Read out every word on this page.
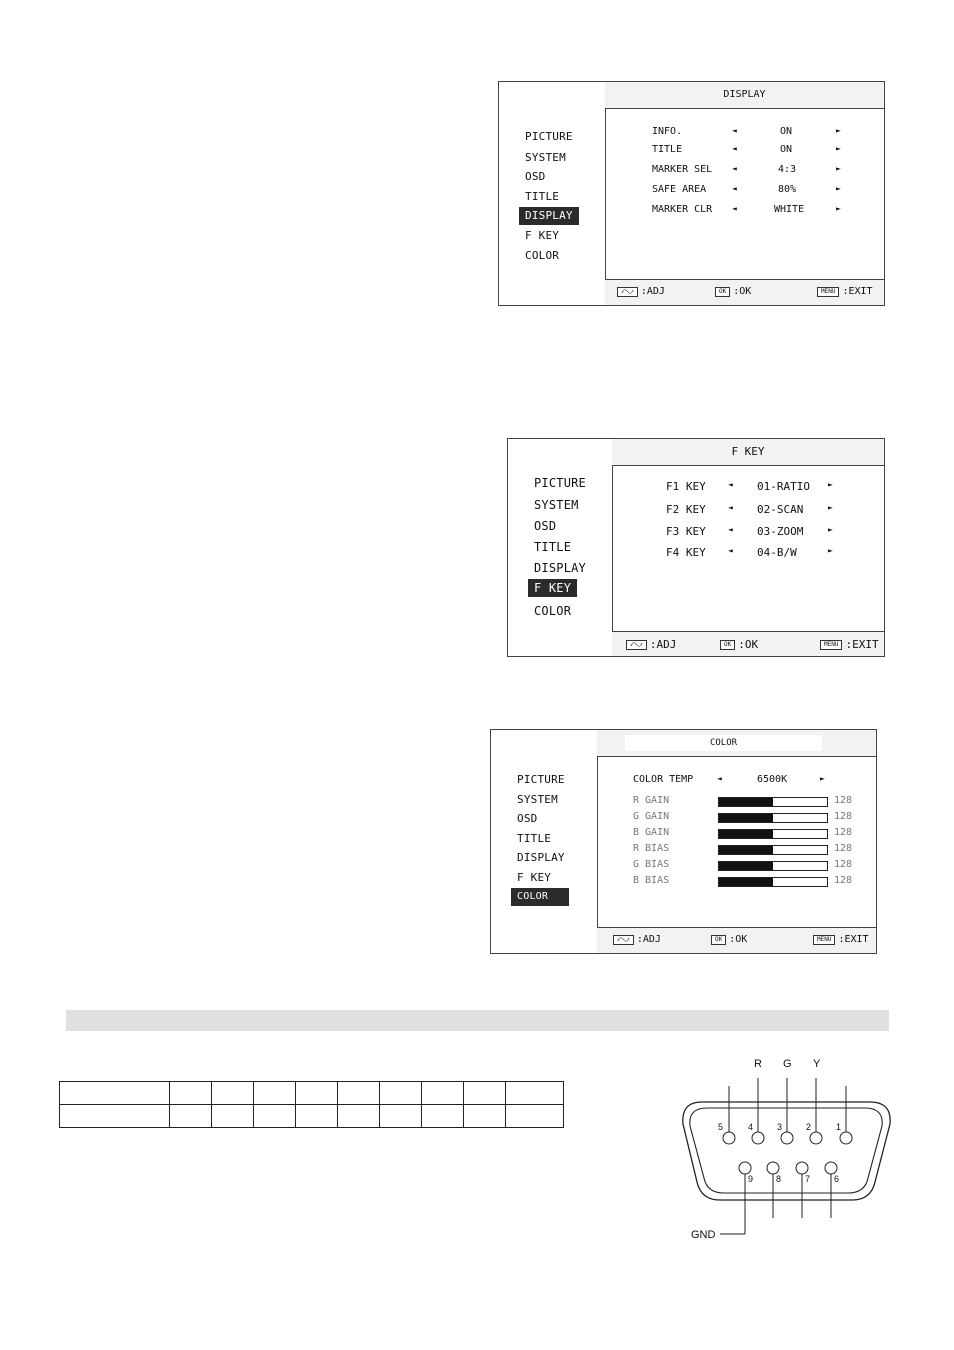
PICTURE
SYSTEM
OSD
TITLE
DISPLAY
F KEY
COLOR
DISPLAY
INFO.	◄	ON	►
TITLE	◄	ON	►
MARKER SEL ◄	4:3	►
SAFE AREA	◄	80%	►
MARKER CLR ◄	WHITE	►
⤺⤻ :ADJ	OK :OK	MENU :EXIT
PICTURE
SYSTEM
OSD
TITLE
DISPLAY
F KEY
COLOR
F KEY
F1 KEY	◄ 01-RATIO ►
F2 KEY	◄ 02-SCAN	►
F3 KEY	◄ 03-ZOOM	►
F4 KEY	◄ 04-B/W	►
⤺⤻ :ADJ	OK :OK	MENU :EXIT
PICTURE
SYSTEM
OSD
TITLE
DISPLAY
F KEY
COLOR
COLOR
COLOR TEMP	◄	6500K	►
R GAIN	128
G GAIN	128
B GAIN	128
R BIAS	128
G BIAS	128
B BIAS	128
⤺⤻ :ADJ	OK :OK	MENU :EXIT

R G Y
5	4	3	2	1
9	8	7	6
GND
